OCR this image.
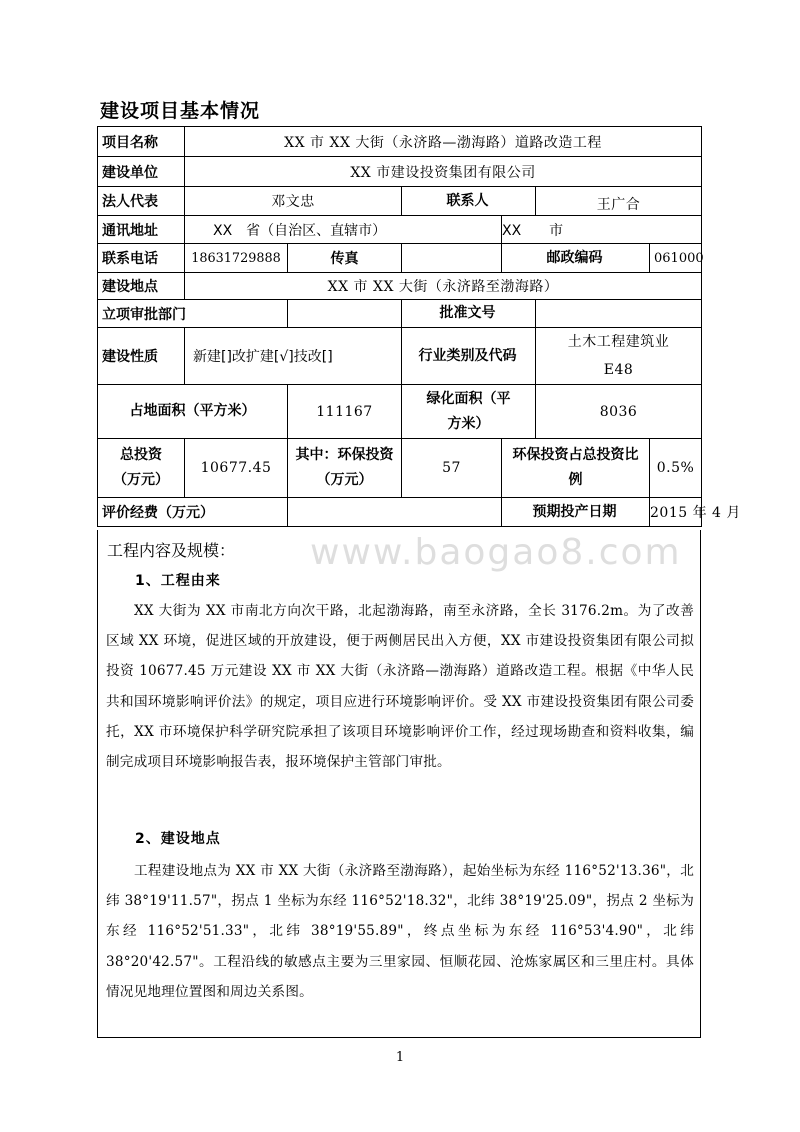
建设项目基本情况
项目名称	XX 市 XX 大街（永济路—渤海路）道路改造工程					
建设单位	XX 市建设投资集团有限公司					
法人代表	邓文忠		联系人		王广合	
通讯地址	XX　省（自治区、直辖市）			XX　　市		
联系电话	18631729888	传真		邮政编码		061000
建设地点	XX 市 XX 大街（永济路至渤海路）					
立项审批部门			批准文号			
建设性质	新建[]改扩建[√]技改[]		行业类别及代码		土木工程建筑业
E48	

占地面积（平方米）		111167	绿化面积（平方米）		8036	
总投资（万元）	10677.45	其中：环保投资（万元）	57	环保投资占总投资比例		0.5%
评价经费（万元）				预期投产日期		2015 年 4 月
www.baogao8.com
工程内容及规模：
1、工程由来
XX 大街为 XX 市南北方向次干路，北起渤海路，南至永济路，全长 3176.2m。为了改善区域 XX 环境，促进区域的开放建设，便于两侧居民出入方便，XX 市建设投资集团有限公司拟投资 10677.45 万元建设 XX 市 XX 大街（永济路—渤海路）道路改造工程。根据《中华人民共和国环境影响评价法》的规定，项目应进行环境影响评价。受 XX 市建设投资集团有限公司委托，XX 市环境保护科学研究院承担了该项目环境影响评价工作，经过现场勘查和资料收集，编制完成项目环境影响报告表，报环境保护主管部门审批。
2、建设地点
工程建设地点为 XX 市 XX 大街（永济路至渤海路），起始坐标为东经 116°52'13.36"，北纬 38°19'11.57"，拐点 1 坐标为东经 116°52'18.32"，北纬 38°19'25.09"，拐点 2 坐标为东经 116°52'51.33"，北纬 38°19'55.89"，终点坐标为东经 116°53'4.90"，北纬 38°20'42.57"。工程沿线的敏感点主要为三里家园、恒顺花园、沧炼家属区和三里庄村。具体情况见地理位置图和周边关系图。
1
